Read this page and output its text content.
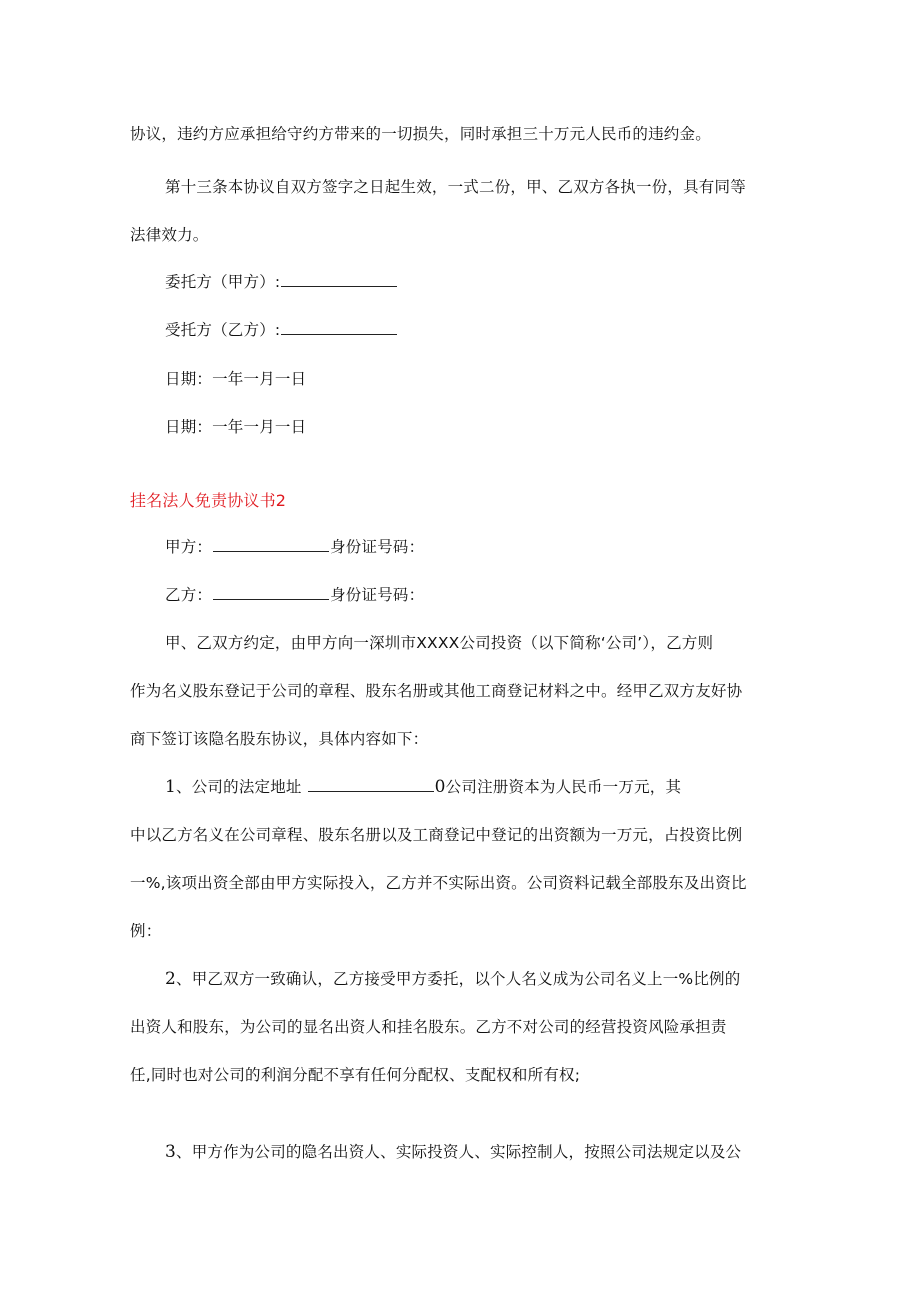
协议，违约方应承担给守约方带来的一切损失，同时承担三十万元人民币的违约金。
第十三条本协议自双方签字之日起生效，一式二份，甲、乙双方各执一份，具有同等
法律效力。
委托方（甲方）:
受托方（乙方）:
日期：一年一月一日
日期：一年一月一日
挂名法人免责协议书2
甲方：	身份证号码：
乙方：	身份证号码：
甲、乙双方约定，由甲方向一深圳市XXXX公司投资（以下简称‘公司’），乙方则
作为名义股东登记于公司的章程、股东名册或其他工商登记材料之中。经甲乙双方友好协
商下签订该隐名股东协议，具体内容如下：
1、公司的法定地址	0公司注册资本为人民币一万元，其
中以乙方名义在公司章程、股东名册以及工商登记中登记的出资额为一万元，占投资比例
一%,该项出资全部由甲方实际投入，乙方并不实际出资。公司资料记载全部股东及出资比
例：
2、甲乙双方一致确认，乙方接受甲方委托，以个人名义成为公司名义上一%比例的
出资人和股东，为公司的显名出资人和挂名股东。乙方不对公司的经营投资风险承担责
任,同时也对公司的利润分配不享有任何分配权、支配权和所有权;
3、甲方作为公司的隐名出资人、实际投资人、实际控制人，按照公司法规定以及公
